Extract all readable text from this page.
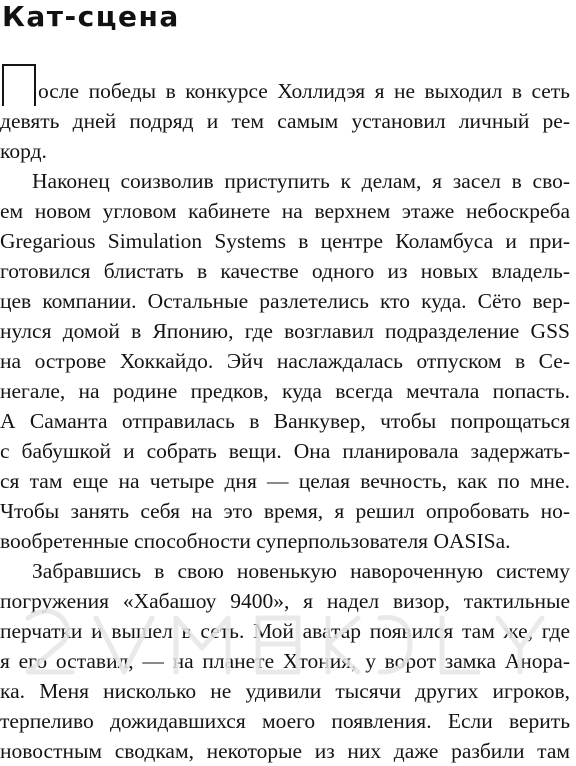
Кат-сцена
осле победы в конкурсе Холлидэя я не выходил в сеть
девять дней подряд и тем самым установил личный ре-
корд.
Наконец соизволив приступить к делам, я засел в сво-
ем новом угловом кабинете на верхнем этаже небоскреба
Gregarious Simulation Systems в центре Коламбуса и при-
готовился блистать в качестве одного из новых владель-
цев компании. Остальные разлетелись кто куда. Сёто вер-
нулся домой в Японию, где возглавил подразделение GSS
на острове Хоккайдо. Эйч наслаждалась отпуском в Се-
негале, на родине предков, куда всегда мечтала попасть.
А Саманта отправилась в Ванкувер, чтобы попрощаться
с бабушкой и собрать вещи. Она планировала задержать-
ся там еще на четыре дня — целая вечность, как по мне.
Чтобы занять себя на это время, я решил опробовать но-
вообретенные способности суперпользователя OASISа.
Забравшись в свою новенькую навороченную систему
погружения «Хабашоу 9400», я надел визор, тактильные
перчатки и вышел в сеть. Мой аватар появился там же, где
я его оставил, — на планете Хтония, у ворот замка Анора-
ка. Меня нисколько не удивили тысячи других игроков,
терпеливо дожидавшихся моего появления. Если верить
новостным сводкам, некоторые из них даже разбили там
